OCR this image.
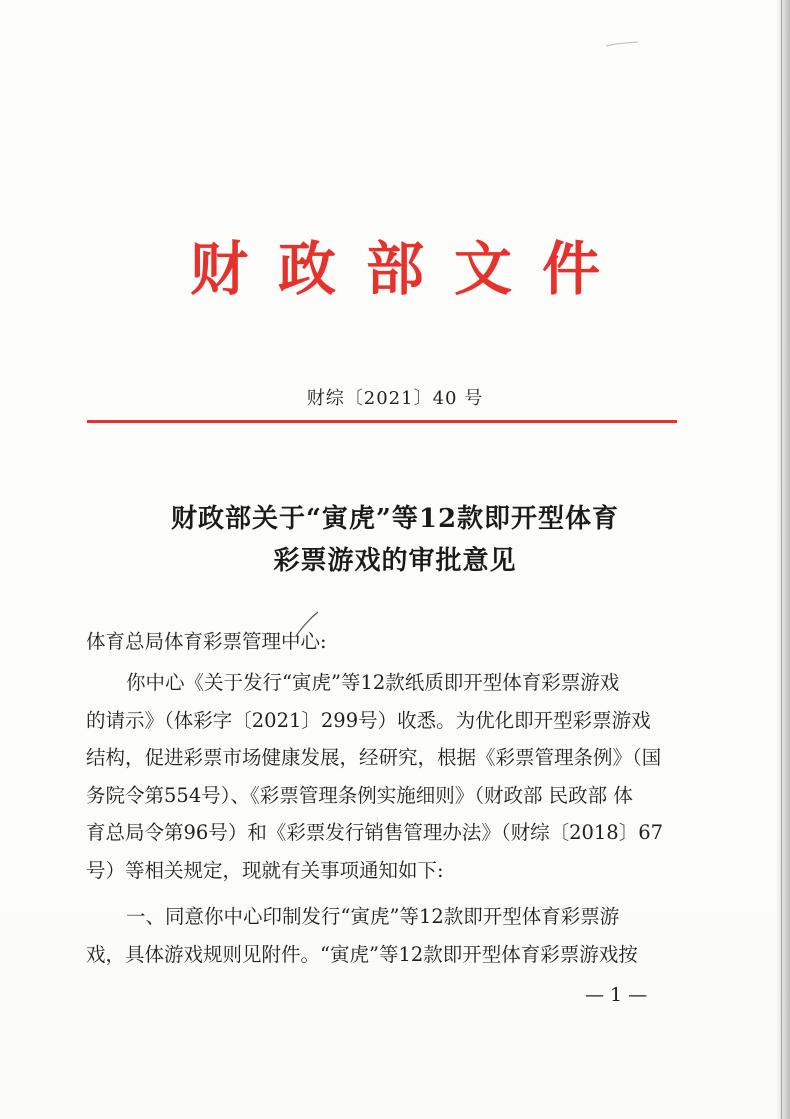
财政部文件
财综〔2021〕40 号
财政部关于“寅虎”等12款即开型体育
彩票游戏的审批意见
体育总局体育彩票管理中心:
你中心《关于发行“寅虎”等12款纸质即开型体育彩票游戏
的请示》（体彩字〔2021〕299号）收悉。为优化即开型彩票游戏
结构，促进彩票市场健康发展，经研究，根据《彩票管理条例》（国
务院令第554号）、《彩票管理条例实施细则》（财政部 民政部 体
育总局令第96号）和《彩票发行销售管理办法》（财综〔2018〕67
号）等相关规定，现就有关事项通知如下:
一、同意你中心印制发行“寅虎”等12款即开型体育彩票游
戏，具体游戏规则见附件。“寅虎”等12款即开型体育彩票游戏按
— 1 —
